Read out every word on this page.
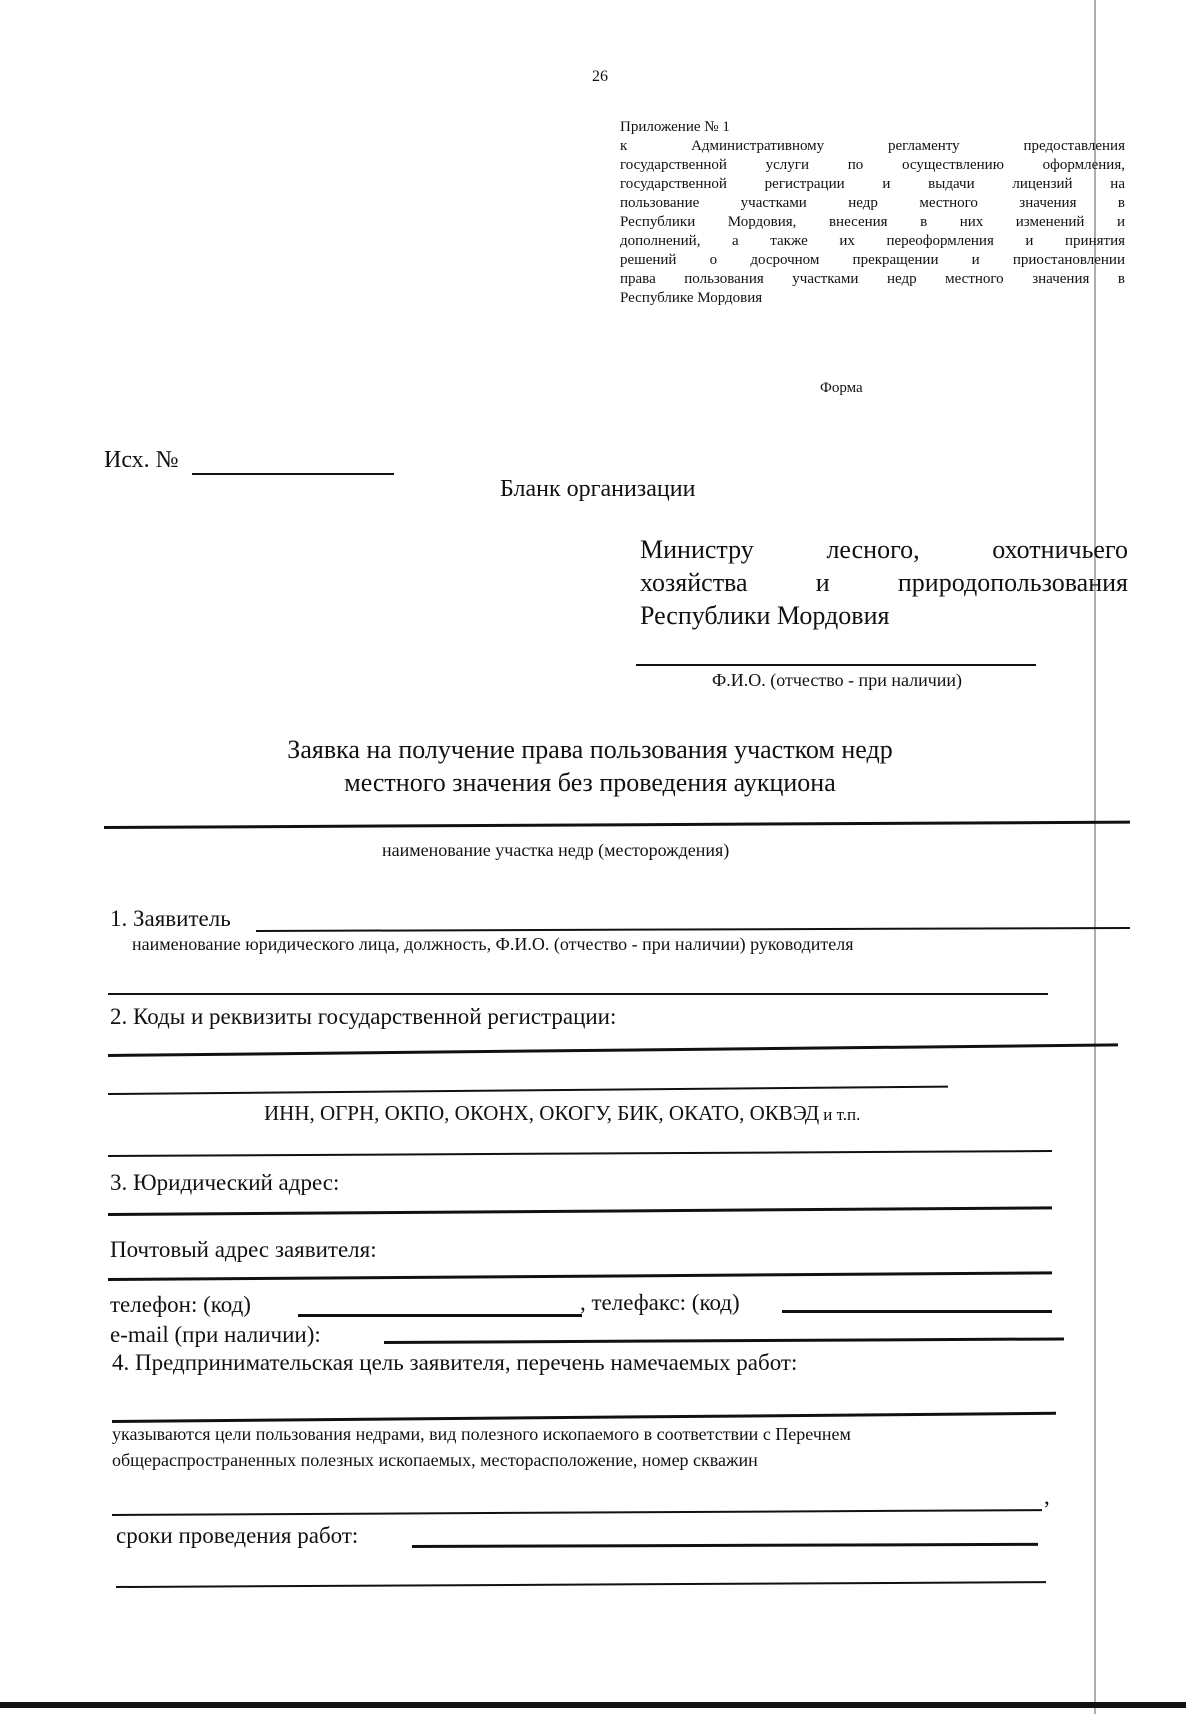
26
Приложение № 1
к Административному регламенту предоставления
государственной услуги по осуществлению оформления,
государственной регистрации и выдачи лицензий на
пользование участками недр местного значения в
Республики Мордовия, внесения в них изменений и
дополнений, а также их переоформления и принятия
решений о досрочном прекращении и приостановлении
права пользования участками недр местного значения в
Республике Мордовия
Форма
Исх. №
Бланк организации
Министру лесного, охотничьего
хозяйства и природопользования
Республики Мордовия
Ф.И.О. (отчество - при наличии)
Заявка на получение права пользования участком недр
местного значения без проведения аукциона
наименование участка недр (месторождения)
1. Заявитель
наименование юридического лица, должность, Ф.И.О. (отчество - при наличии) руководителя
2. Коды и реквизиты государственной регистрации:
ИНН, ОГРН, ОКПО, ОКОНХ, ОКОГУ, БИК, ОКАТО, ОКВЭД и т.п.
3. Юридический адрес:
Почтовый адрес заявителя:
телефон: (код)	, телефакс: (код)
e-mail (при наличии):
4. Предпринимательская цель заявителя, перечень намечаемых работ:
указываются цели пользования недрами, вид полезного ископаемого в соответствии с Перечнем
общераспространенных полезных ископаемых, месторасположение, номер скважин
,
сроки проведения работ:
